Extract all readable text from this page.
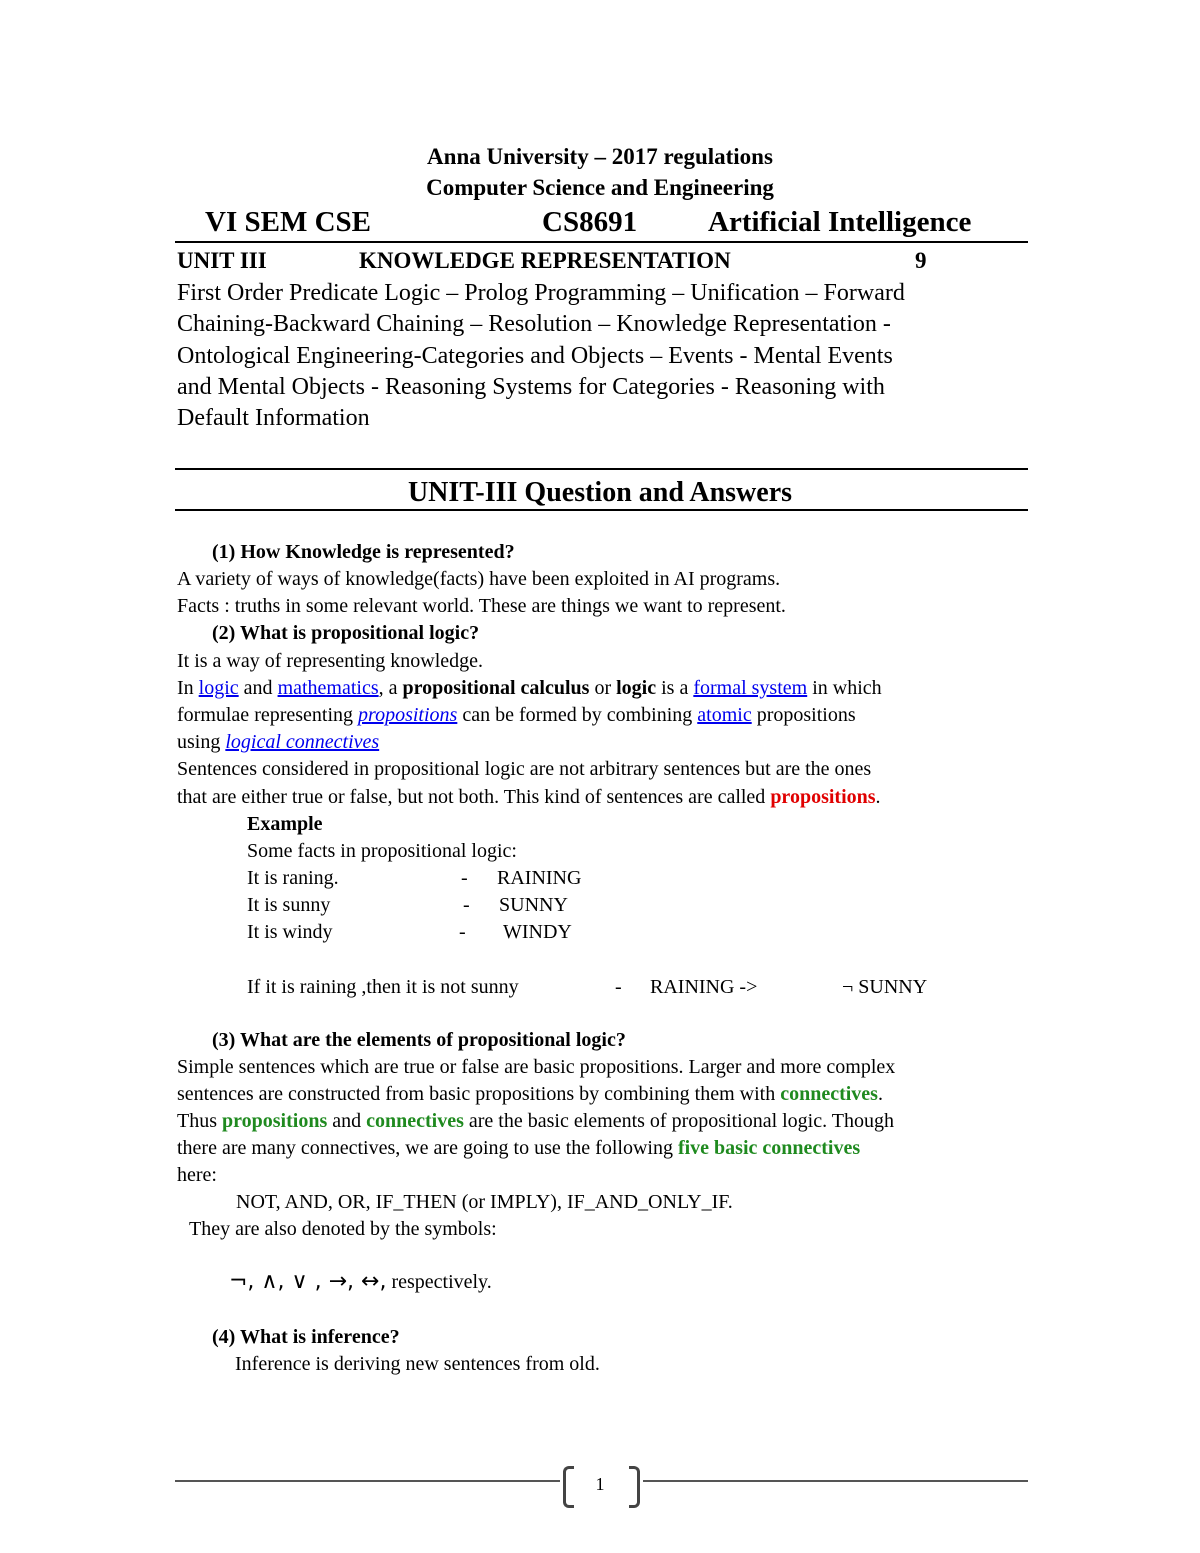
Anna University – 2017 regulations
Computer Science and Engineering
VI SEM CSE	CS8691 Artificial Intelligence
UNIT III	KNOWLEDGE REPRESENTATION	9
First Order Predicate Logic – Prolog Programming – Unification – Forward
Chaining-Backward Chaining – Resolution – Knowledge Representation -
Ontological Engineering-Categories and Objects – Events - Mental Events
and Mental Objects - Reasoning Systems for Categories - Reasoning with
Default Information
UNIT-III Question and Answers
(1) How Knowledge is represented?
A variety of ways of knowledge(facts) have been exploited in AI programs.
Facts : truths in some relevant world. These are things we want to represent.
(2) What is propositional logic?
It is a way of representing knowledge.
In logic and mathematics, a propositional calculus or logic is a formal system in which
formulae representing propositions can be formed by combining atomic propositions
using logical connectives
Sentences considered in propositional logic are not arbitrary sentences but are the ones
that are either true or false, but not both. This kind of sentences are called propositions.
Example
Some facts in propositional logic:
It is raning.	- RAINING
It is sunny	- SUNNY
It is windy	- WINDY
If it is raining ,then it is not sunny	- RAINING ->	¬ SUNNY
(3) What are the elements of propositional logic?
Simple sentences which are true or false are basic propositions. Larger and more complex
sentences are constructed from basic propositions by combining them with connectives.
Thus propositions and connectives are the basic elements of propositional logic. Though
there are many connectives, we are going to use the following five basic connectives
here:
NOT, AND, OR, IF_THEN (or IMPLY), IF_AND_ONLY_IF.
They are also denoted by the symbols:
¬, ∧, ∨ , →, ↔, respectively.
(4) What is inference?
Inference is deriving new sentences from old.
1
